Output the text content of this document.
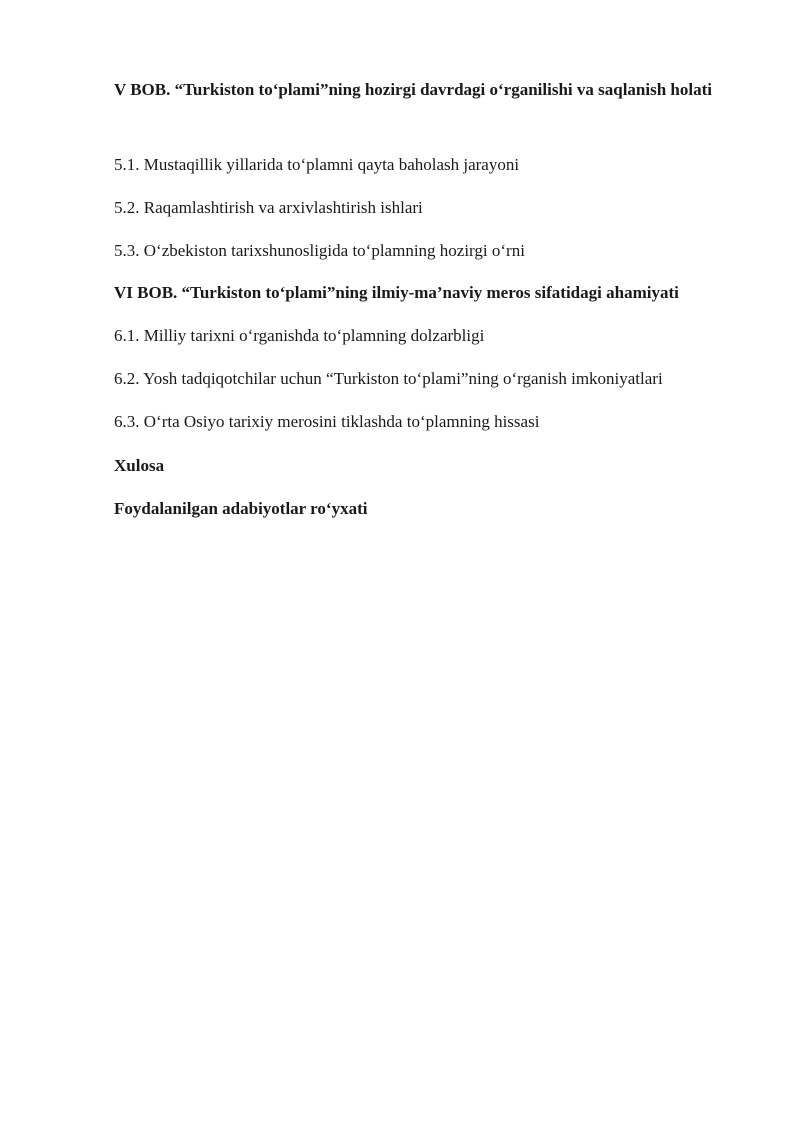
V BOB. “Turkiston to‘plami”ning hozirgi davrdagi o‘rganilishi va saqlanish holati

5.1. Mustaqillik yillarida to‘plamni qayta baholash jarayoni

5.2. Raqamlashtirish va arxivlashtirish ishlari

5.3. O‘zbekiston tarixshunosligida to‘plamning hozirgi o‘rni

VI BOB. “Turkiston to‘plami”ning ilmiy-ma’naviy meros sifatidagi ahamiyati

6.1. Milliy tarixni o‘rganishda to‘plamning dolzarbligi

6.2. Yosh tadqiqotchilar uchun “Turkiston to‘plami”ning o‘rganish imkoniyatlari

6.3. O‘rta Osiyo tarixiy merosini tiklashda to‘plamning hissasi

Xulosa

Foydalanilgan adabiyotlar ro‘yxati
